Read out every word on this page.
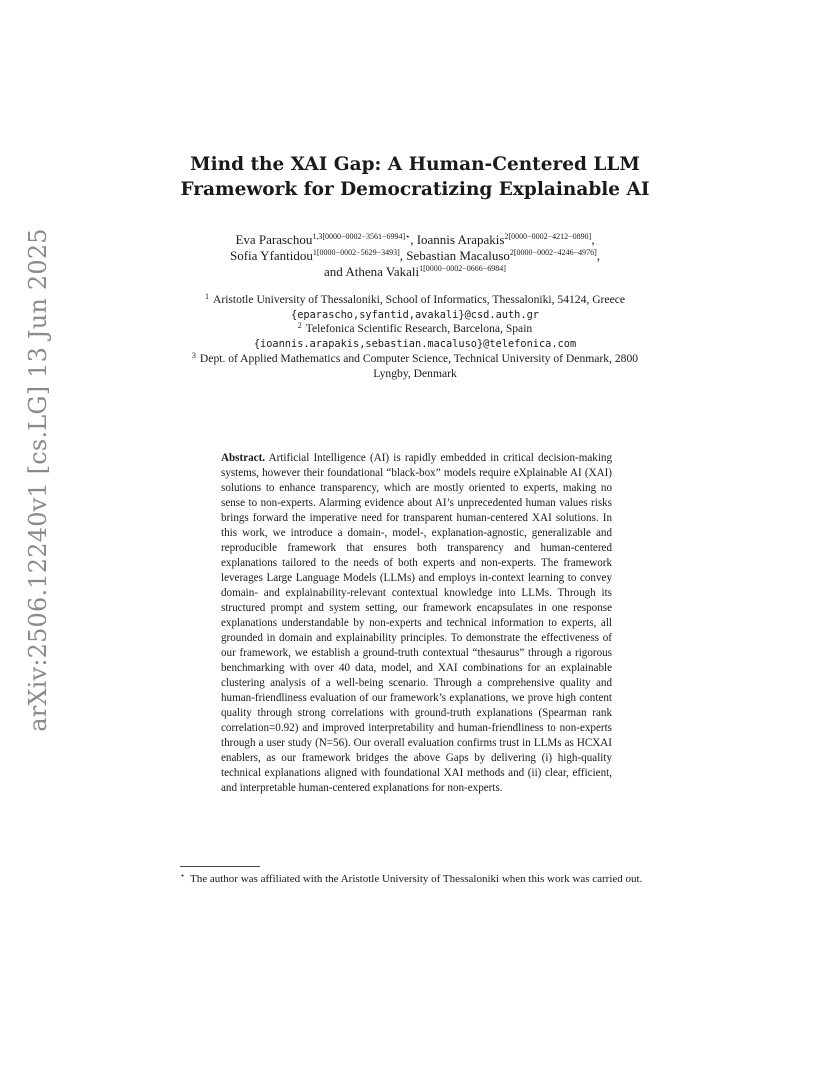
arXiv:2506.12240v1 [cs.LG] 13 Jun 2025
Mind the XAI Gap: A Human-Centered LLM
Framework for Democratizing Explainable AI
Eva Paraschou$^{1,3[0000-0002-3561-6994]⋆}$, Ioannis Arapakis$^{2[0000-0002-4212-0890]}$,
Sofia Yfantidou$^{1[0000-0002-5629-3493]}$, Sebastian Macaluso$^{2[0000-0002-4246-4976]}$,
and Athena Vakali$^{1[0000-0002-0666-6984]}$
$^1$ Aristotle University of Thessaloniki, School of Informatics, Thessaloniki, 54124, Greece
{eparascho,syfantid,avakali}@csd.auth.gr
$^2$ Telefonica Scientific Research, Barcelona, Spain
{ioannis.arapakis,sebastian.macaluso}@telefonica.com
$^3$ Dept. of Applied Mathematics and Computer Science, Technical University of Denmark, 2800 Lyngby, Denmark
Abstract. Artificial Intelligence (AI) is rapidly embedded in critical decision-making systems, however their foundational “black-box” models require eXplainable AI (XAI) solutions to enhance transparency, which are mostly oriented to experts, making no sense to non-experts. Alarming evidence about AI’s unprecedented human values risks brings forward the imperative need for transparent human-centered XAI solutions. In this work, we introduce a domain-, model-, explanation-agnostic, generalizable and reproducible framework that ensures both transparency and human-centered explanations tailored to the needs of both experts and non-experts. The framework leverages Large Language Models (LLMs) and employs in-context learning to convey domain- and explainability-relevant contextual knowledge into LLMs. Through its structured prompt and system setting, our framework encapsulates in one response explanations understandable by non-experts and technical information to experts, all grounded in domain and explainability principles. To demonstrate the effectiveness of our framework, we establish a ground-truth contextual “thesaurus” through a rigorous benchmarking with over 40 data, model, and XAI combinations for an explainable clustering analysis of a well-being scenario. Through a comprehensive quality and human-friendliness evaluation of our framework’s explanations, we prove high content quality through strong correlations with ground-truth explanations (Spearman rank correlation=0.92) and improved interpretability and human-friendliness to non-experts through a user study (N=56). Our overall evaluation confirms trust in LLMs as HCXAI enablers, as our framework bridges the above Gaps by delivering (i) high-quality technical explanations aligned with foundational XAI methods and (ii) clear, efficient, and interpretable human-centered explanations for non-experts.
⋆ The author was affiliated with the Aristotle University of Thessaloniki when this work was carried out.
